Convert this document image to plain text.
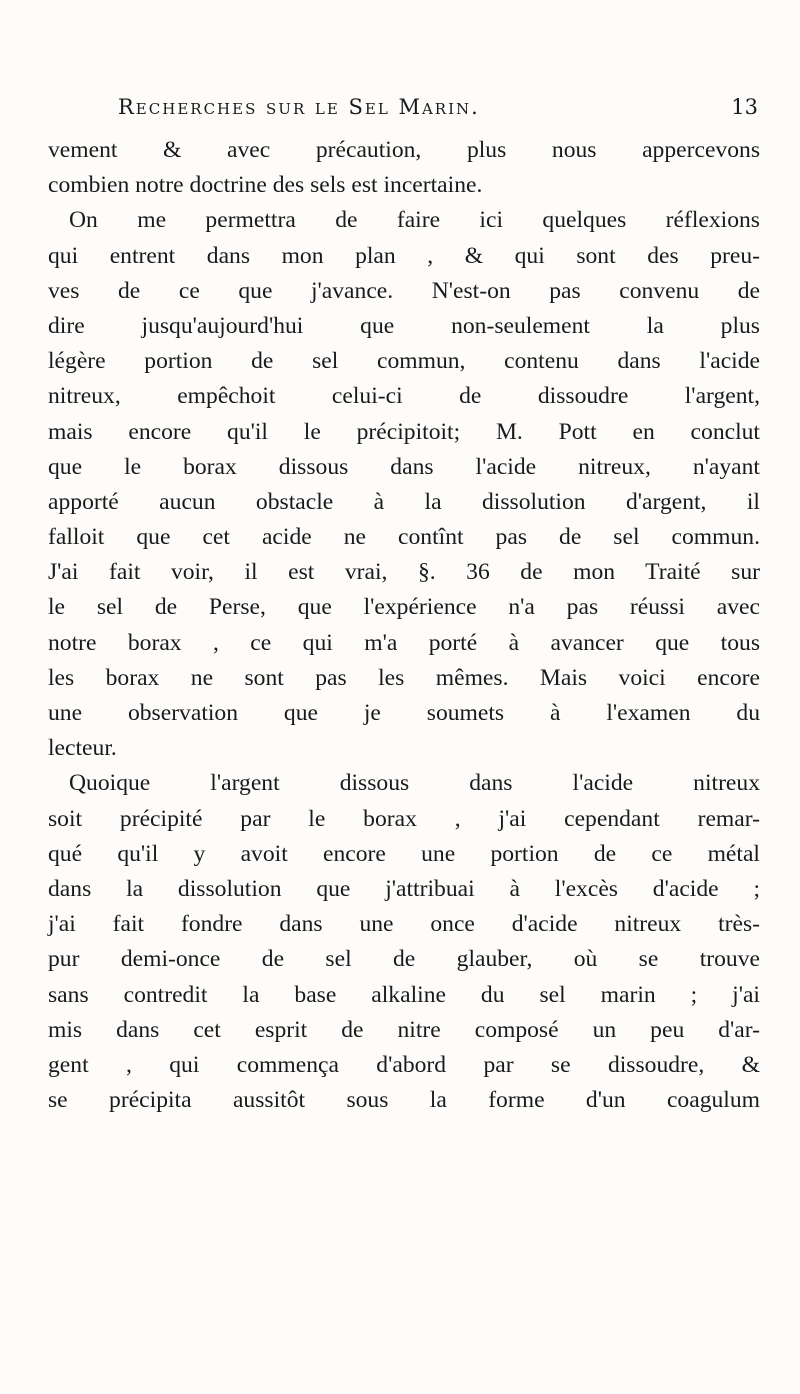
Recherches sur le Sel Marin.	13
vement & avec précaution, plus nous appercevons
combien notre doctrine des sels est incertaine.
On me permettra de faire ici quelques réflexions
qui entrent dans mon plan , & qui sont des preu-
ves de ce que j'avance. N'est-on pas convenu de
dire jusqu'aujourd'hui que non-seulement la plus
légère portion de sel commun, contenu dans l'acide
nitreux, empêchoit celui-ci de dissoudre l'argent,
mais encore qu'il le précipitoit; M. Pott en conclut
que le borax dissous dans l'acide nitreux, n'ayant
apporté aucun obstacle à la dissolution d'argent, il
falloit que cet acide ne contînt pas de sel commun.
J'ai fait voir, il est vrai, §. 36 de mon Traité sur
le sel de Perse, que l'expérience n'a pas réussi avec
notre borax , ce qui m'a porté à avancer que tous
les borax ne sont pas les mêmes. Mais voici encore
une observation que je soumets à l'examen du
lecteur.
Quoique l'argent dissous dans l'acide nitreux
soit précipité par le borax , j'ai cependant remar-
qué qu'il y avoit encore une portion de ce métal
dans la dissolution que j'attribuai à l'excès d'acide ;
j'ai fait fondre dans une once d'acide nitreux très-
pur demi-once de sel de glauber, où se trouve
sans contredit la base alkaline du sel marin ; j'ai
mis dans cet esprit de nitre composé un peu d'ar-
gent , qui commença d'abord par se dissoudre, &
se précipita aussitôt sous la forme d'un coagulum
